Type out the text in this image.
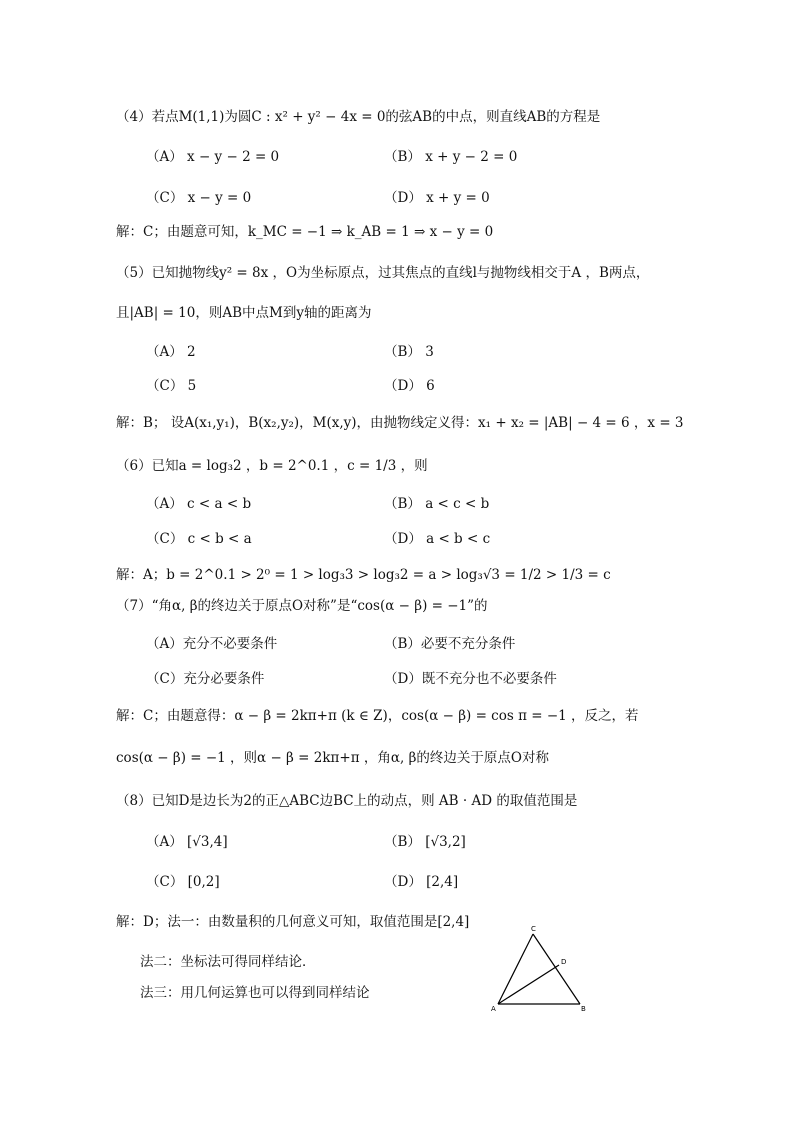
（4）若点M(1,1)为圆C : x² + y² − 4x = 0的弦AB的中点，则直线AB的方程是
（A） x − y − 2 = 0	（B） x + y − 2 = 0
（C） x − y = 0	（D） x + y = 0
解：C；由题意可知，k_MC = −1 ⇒ k_AB = 1 ⇒ x − y = 0
（5）已知抛物线y² = 8x ，O为坐标原点，过其焦点的直线l与抛物线相交于A ，B两点，
且|AB| = 10，则AB中点M到y轴的距离为
（A） 2	（B） 3
（C） 5	（D） 6
解：B； 设A(x₁,y₁)，B(x₂,y₂)，M(x,y)，由抛物线定义得：x₁ + x₂ = |AB| − 4 = 6 ，x = 3
（6）已知a = log₃2 ，b = 2^0.1 ，c = 1/3 ，则
（A） c < a < b	（B） a < c < b
（C） c < b < a	（D） a < b < c
解：A；b = 2^0.1 > 2⁰ = 1 > log₃3 > log₃2 = a > log₃√3 = 1/2 > 1/3 = c
（7）“角α, β的终边关于原点O对称”是“cos(α − β) = −1”的
（A）充分不必要条件	（B）必要不充分条件
（C）充分必要条件	（D）既不充分也不必要条件
解：C；由题意得：α − β = 2kπ+π (k ∈ Z)，cos(α − β) = cos π = −1 ，反之，若
cos(α − β) = −1 ，则α − β = 2kπ+π ，角α, β的终边关于原点O对称
（8）已知D是边长为2的正△ABC边BC上的动点，则 AB · AD 的取值范围是
（A） [√3,4]	（B） [√3,2]
（C） [0,2]	（D） [2,4]
解：D；法一：由数量积的几何意义可知，取值范围是[2,4]
法二：坐标法可得同样结论．
法三：用几何运算也可以得到同样结论
C
D
A	B
